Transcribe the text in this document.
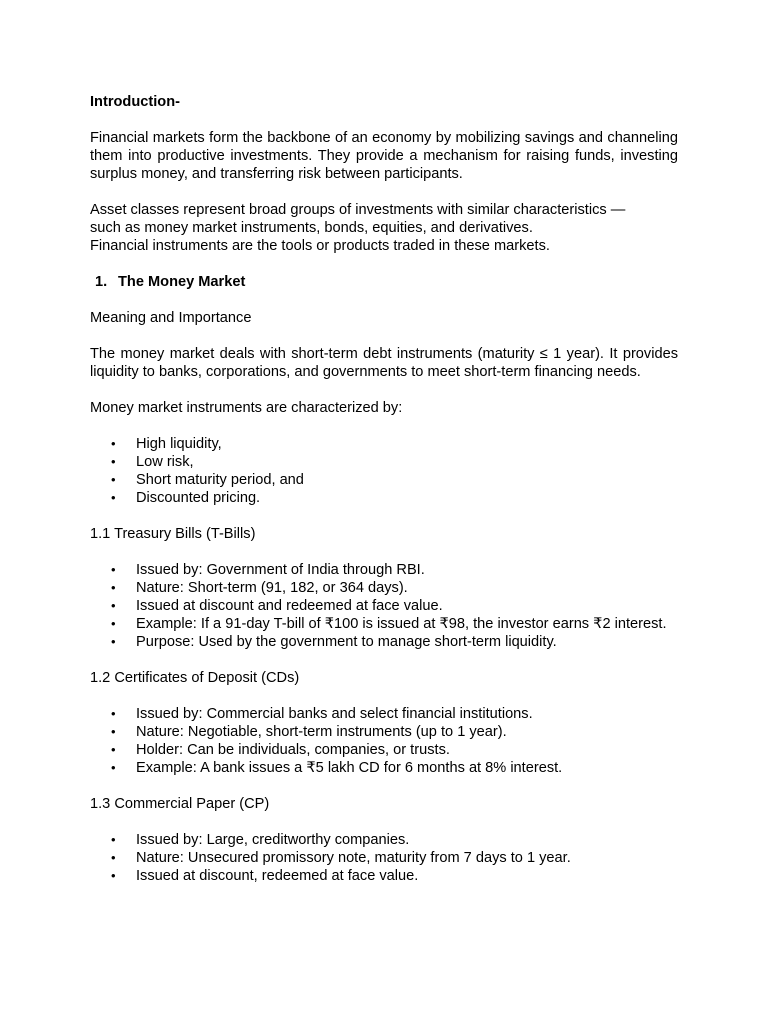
Introduction-

Financial markets form the backbone of an economy by mobilizing savings and channeling them into productive investments. They provide a mechanism for raising funds, investing surplus money, and transferring risk between participants.

Asset classes represent broad groups of investments with similar characteristics —

such as money market instruments, bonds, equities, and derivatives.

Financial instruments are the tools or products traded in these markets.

1. The Money Market

Meaning and Importance

The money market deals with short-term debt instruments (maturity ≤ 1 year). It provides liquidity to banks, corporations, and governments to meet short-term financing needs.

Money market instruments are characterized by:

• High liquidity,
• Low risk,
• Short maturity period, and
• Discounted pricing.

1.1 Treasury Bills (T-Bills)

• Issued by: Government of India through RBI.
• Nature: Short-term (91, 182, or 364 days).
• Issued at discount and redeemed at face value.
• Example: If a 91-day T-bill of ₹100 is issued at ₹98, the investor earns ₹2 interest.
• Purpose: Used by the government to manage short-term liquidity.

1.2 Certificates of Deposit (CDs)

• Issued by: Commercial banks and select financial institutions.
• Nature: Negotiable, short-term instruments (up to 1 year).
• Holder: Can be individuals, companies, or trusts.
• Example: A bank issues a ₹5 lakh CD for 6 months at 8% interest.

1.3 Commercial Paper (CP)

• Issued by: Large, creditworthy companies.
• Nature: Unsecured promissory note, maturity from 7 days to 1 year.
• Issued at discount, redeemed at face value.
